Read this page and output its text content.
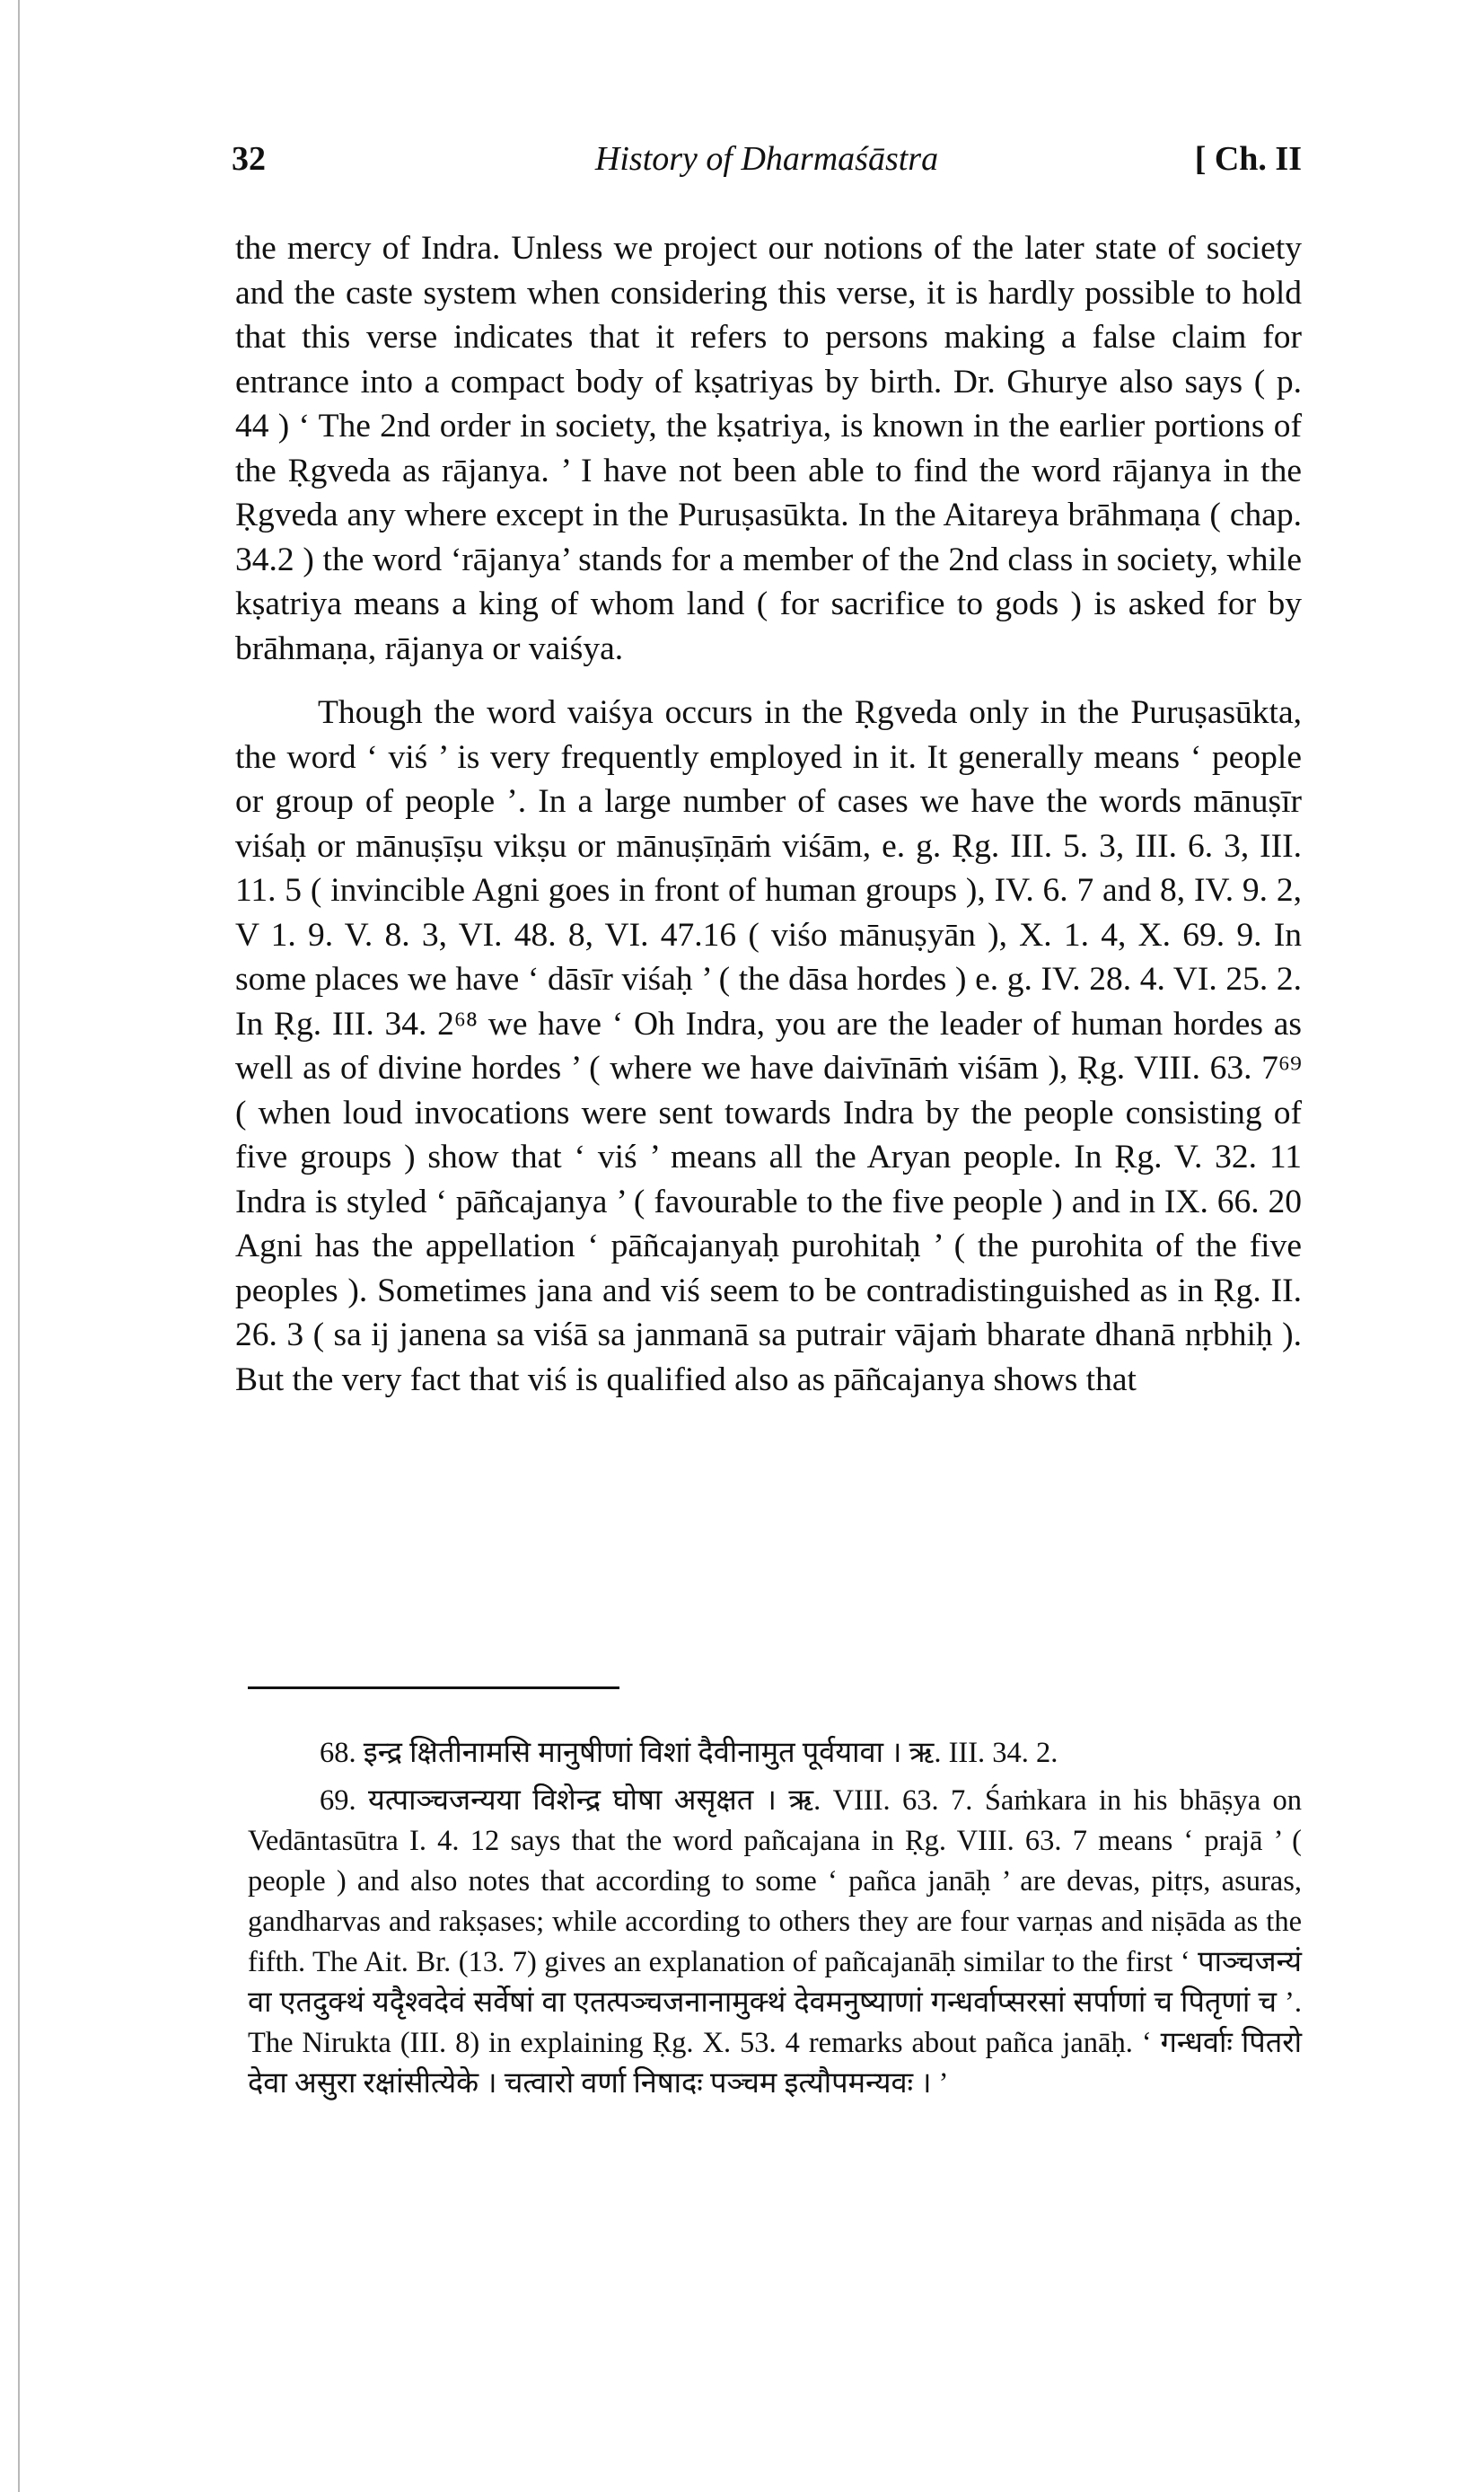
32	History of Dharmaśāstra	[ Ch. II

the mercy of Indra. Unless we project our notions of the later state of society and the caste system when considering this verse, it is hardly possible to hold that this verse indicates that it refers to persons making a false claim for entrance into a compact body of kṣatriyas by birth. Dr. Ghurye also says ( p. 44 ) ‘ The 2nd order in society, the kṣatriya, is known in the earlier portions of the Ṛgveda as rājanya. ’ I have not been able to find the word rājanya in the Ṛgveda any where except in the Puruṣasūkta. In the Aitareya brāhmaṇa ( chap. 34.2 ) the word ‘rājanya’ stands for a member of the 2nd class in society, while kṣatriya means a king of whom land ( for sacrifice to gods ) is asked for by brāhmaṇa, rājanya or vaiśya.

Though the word vaiśya occurs in the Ṛgveda only in the Puruṣasūkta, the word ‘ viś ’ is very frequently employed in it. It generally means ‘ people or group of people ’. In a large number of cases we have the words mānuṣīr viśaḥ or mānuṣīṣu vikṣu or mānuṣīṇāṁ viśām, e. g. Ṛg. III. 5. 3, III. 6. 3, III. 11. 5 ( invincible Agni goes in front of human groups ), IV. 6. 7 and 8, IV. 9. 2, V 1. 9. V. 8. 3, VI. 48. 8, VI. 47.16 ( viśo mānuṣyān ), X. 1. 4, X. 69. 9. In some places we have ‘ dāsīr viśaḥ ’ ( the dāsa hordes ) e. g. IV. 28. 4. VI. 25. 2. In Ṛg. III. 34. 2⁶⁸ we have ‘ Oh Indra, you are the leader of human hordes as well as of divine hordes ’ ( where we have daivīnāṁ viśām ), Ṛg. VIII. 63. 7⁶⁹ ( when loud invocations were sent towards Indra by the people consisting of five groups ) show that ‘ viś ’ means all the Aryan people. In Ṛg. V. 32. 11 Indra is styled ‘ pāñcajanya ’ ( favourable to the five people ) and in IX. 66. 20 Agni has the appellation ‘ pāñcajanyaḥ purohitaḥ ’ ( the purohita of the five peoples ). Sometimes jana and viś seem to be contradistinguished as in Ṛg. II. 26. 3 ( sa ij janena sa viśā sa janmanā sa putrair vājaṁ bharate dhanā nṛbhiḥ ). But the very fact that viś is qualified also as pāñcajanya shows that

68. इन्द्र क्षितीनामसि मानुषीणां विशां दैवीनामुत पूर्वयावा । ऋ. III. 34. 2.

69. यत्पाञ्चजन्यया विशेन्द्र घोषा असृक्षत । ऋ. VIII. 63. 7. Śaṁkara in his bhāṣya on Vedāntasūtra I. 4. 12 says that the word pañcajana in Ṛg. VIII. 63. 7 means ‘ prajā ’ ( people ) and also notes that according to some ‘ pañca janāḥ ’ are devas, pitṛs, asuras, gandharvas and rakṣases; while according to others they are four varṇas and niṣāda as the fifth. The Ait. Br. (13. 7) gives an explanation of pañcajanāḥ similar to the first ‘ पाञ्चजन्यं वा एतदुक्थं यदृैश्वदेवं सर्वेषां वा एतत्पञ्चजनानामुक्थं देवमनुष्याणां गन्धर्वाप्सरसां सर्पाणां च पितृणां च ’. The Nirukta (III. 8) in explaining Ṛg. X. 53. 4 remarks about pañca janāḥ. ‘ गन्धर्वाः पितरो देवा असुरा रक्षांसीत्येके । चत्वारो वर्णा निषादः पञ्चम इत्यौपमन्यवः । ’
